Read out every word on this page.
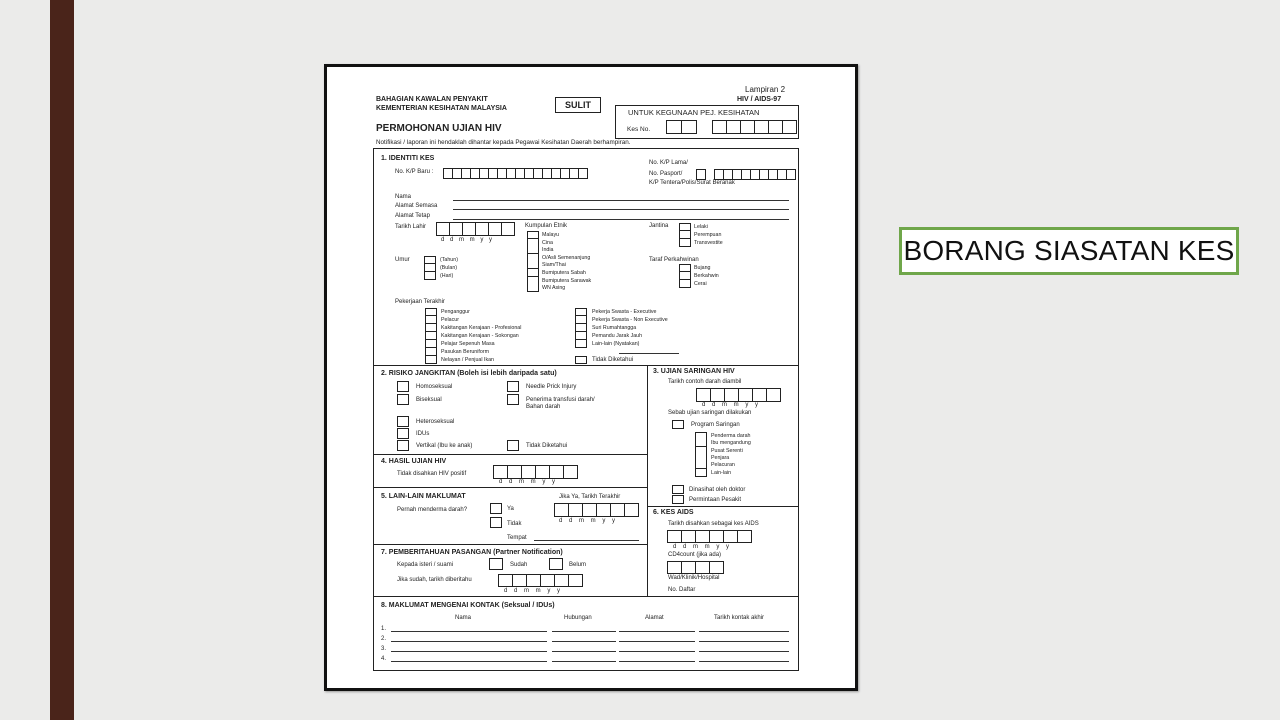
BORANG SIASATAN KES
Lampiran 2
HIV / AIDS-97
BAHAGIAN KAWALAN PENYAKIT
KEMENTERIAN KESIHATAN MALAYSIA	SULIT
UNTUK KEGUNAAN PEJ. KESIHATAN
Kes No.
PERMOHONAN UJIAN HIV
Notifikasi / laporan ini hendaklah dihantar kepada Pegawai Kesihatan Daerah berhampiran.
1. IDENTITI KES
No. K/P Baru :
No. K/P Lama/
No. Pasport/
K/P Tentera/Polis/Surat Beranak
Nama
Alamat Semasa
Alamat Tetap
Tarikh Lahir
d d m m y y
Kumpulan Etnik
Malayu
Cina
India
O/Asli Semenanjung
Siam/Thai
Bumiputera Sabah
Bumiputera Sarawak
WN Asing
Jantina	Lelaki
Perempuan
Transvestite
Umur	(Tahun)
(Bulan)
(Hari)
Taraf Perkahwinan
Bujang
Berkahwin
Cerai
Pekerjaan Terakhir
Penganggur
Pelacur
Kakitangan Kerajaan - Profesional
Kakitangan Kerajaan - Sokongan
Pelajar Sepenuh Masa
Pasukan Beruniform
Nelayan / Penjual Ikan
Pekerja Swasta - Executive
Pekerja Swasta - Non Executive
Suri Rumahtangga
Pemandu Jarak Jauh
Lain-lain (Nyatakan)
Tidak Diketahui
2. RISIKO JANGKITAN (Boleh isi lebih daripada satu)
Homoseksual
Biseksual
Needle Prick Injury
Penerima transfusi darah/
Bahan darah
Heteroseksual
IDUs
Vertikal (Ibu ke anak)	Tidak Diketahui
3. UJIAN SARINGAN HIV
Tarikh contoh darah diambil
d d m m y y
Sebab ujian saringan dilakukan
Program Saringan
Penderma darah
Ibu mengandung
Pusat Serenti
Penjara
Pelacuran
Lain-lain
Dinasihat oleh doktor
Permintaan Pesakit
4. HASIL UJIAN HIV
Tidak disahkan HIV positif
d d m m y y
5. LAIN-LAIN MAKLUMAT	Jika Ya, Tarikh Terakhir
Pernah menderma darah?	Ya
Tidak	d d m m y y
Tempat
6. KES AIDS
Tarikh disahkan sebagai kes AIDS
d d m m y y
CD4count (jika ada)
Wad/Klinik/Hospital
No. Daftar
7. PEMBERITAHUAN PASANGAN (Partner Notification)
Kepada isteri / suami	Sudah	Belum
Jika sudah, tarikh diberitahu
d d m m y y
8. MAKLUMAT MENGENAI KONTAK (Seksual / IDUs)
Nama	Hubungan	Alamat	Tarikh kontak akhir
1.
2.
3.
4.
